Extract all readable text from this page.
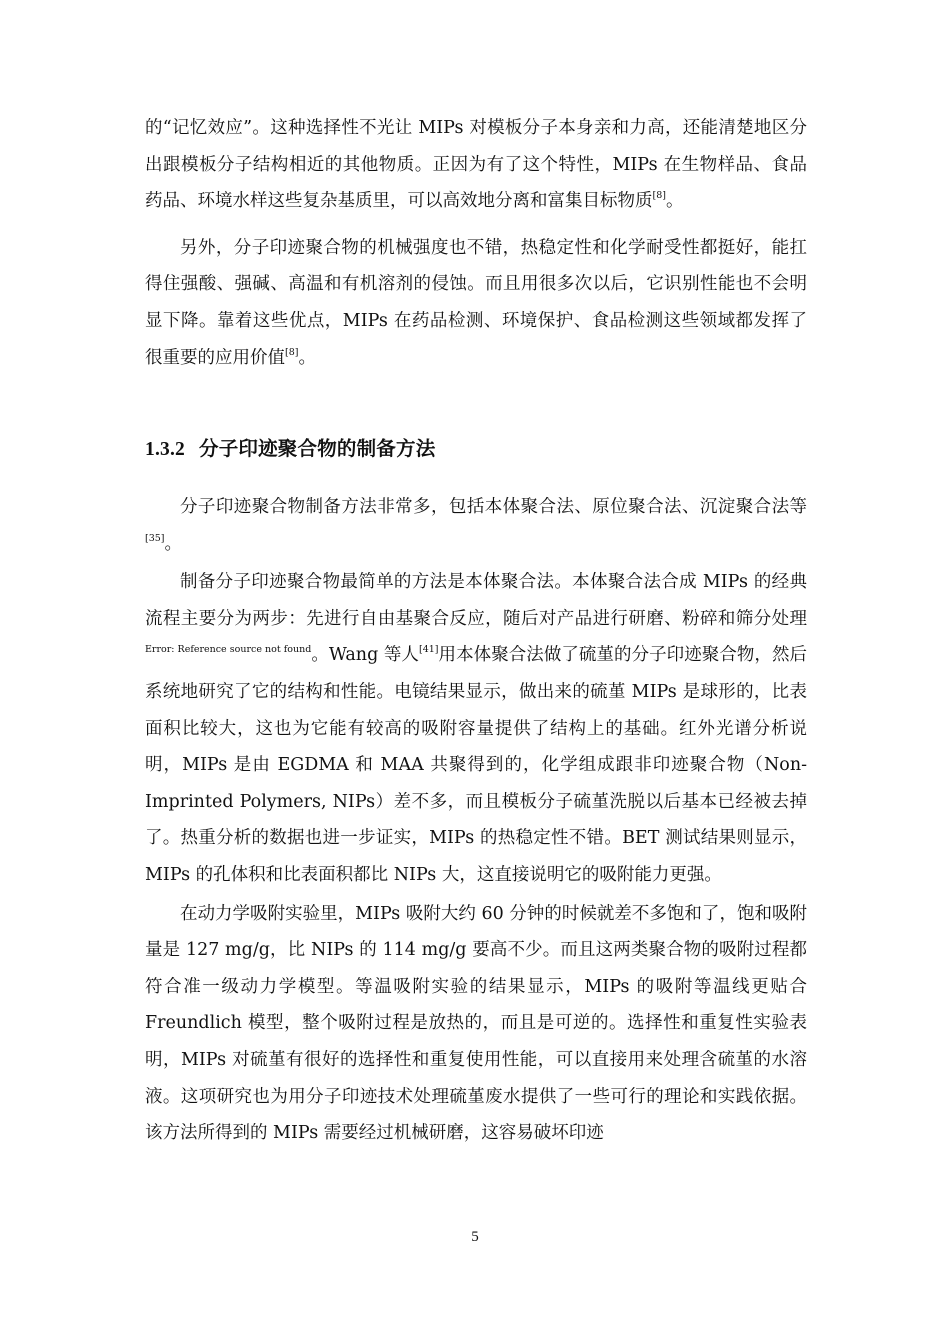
的“记忆效应”。这种选择性不光让 MIPs 对模板分子本身亲和力高，还能清楚地区分出跟模板分子结构相近的其他物质。正因为有了这个特性，MIPs 在生物样品、食品药品、环境水样这些复杂基质里，可以高效地分离和富集目标物质[8]。

另外，分子印迹聚合物的机械强度也不错，热稳定性和化学耐受性都挺好，能扛得住强酸、强碱、高温和有机溶剂的侵蚀。而且用很多次以后，它识别性能也不会明显下降。靠着这些优点，MIPs 在药品检测、环境保护、食品检测这些领域都发挥了很重要的应用价值[8]。

1.3.2 分子印迹聚合物的制备方法

分子印迹聚合物制备方法非常多，包括本体聚合法、原位聚合法、沉淀聚合法等[35]。

制备分子印迹聚合物最简单的方法是本体聚合法。本体聚合法合成 MIPs 的经典流程主要分为两步：先进行自由基聚合反应，随后对产品进行研磨、粉碎和筛分处理$^{Error: Reference source not found}$。Wang 等人[41]用本体聚合法做了硫堇的分子印迹聚合物，然后系统地研究了它的结构和性能。电镜结果显示，做出来的硫堇 MIPs 是球形的，比表面积比较大，这也为它能有较高的吸附容量提供了结构上的基础。红外光谱分析说明，MIPs 是由 EGDMA 和 MAA 共聚得到的，化学组成跟非印迹聚合物（Non-Imprinted Polymers, NIPs）差不多，而且模板分子硫堇洗脱以后基本已经被去掉了。热重分析的数据也进一步证实，MIPs 的热稳定性不错。BET 测试结果则显示，MIPs 的孔体积和比表面积都比 NIPs 大，这直接说明它的吸附能力更强。

在动力学吸附实验里，MIPs 吸附大约 60 分钟的时候就差不多饱和了，饱和吸附量是 127 mg/g，比 NIPs 的 114 mg/g 要高不少。而且这两类聚合物的吸附过程都符合准一级动力学模型。等温吸附实验的结果显示，MIPs 的吸附等温线更贴合 Freundlich 模型，整个吸附过程是放热的，而且是可逆的。选择性和重复性实验表明，MIPs 对硫堇有很好的选择性和重复使用性能，可以直接用来处理含硫堇的水溶液。这项研究也为用分子印迹技术处理硫堇废水提供了一些可行的理论和实践依据。该方法所得到的 MIPs 需要经过机械研磨，这容易破坏印迹

5
